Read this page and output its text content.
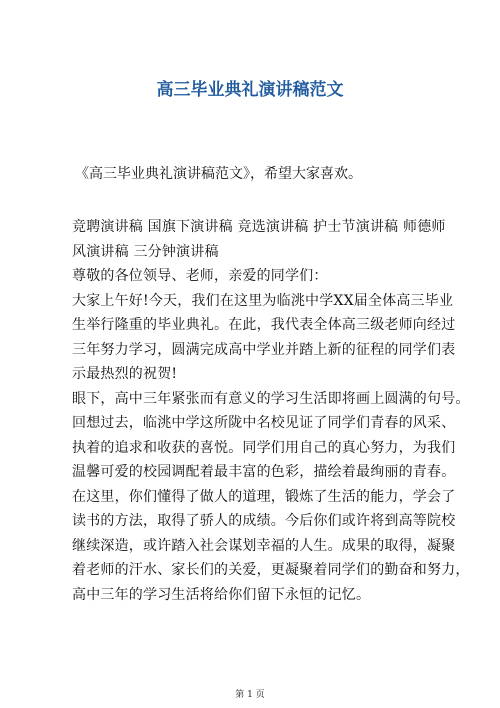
高三毕业典礼演讲稿范文
《高三毕业典礼演讲稿范文》，希望大家喜欢。
竞聘演讲稿 国旗下演讲稿 竞选演讲稿 护士节演讲稿 师德师
风演讲稿 三分钟演讲稿
尊敬的各位领导、老师，亲爱的同学们：
大家上午好!今天，我们在这里为临洮中学XX届全体高三毕业
生举行隆重的毕业典礼。在此，我代表全体高三级老师向经过
三年努力学习，圆满完成高中学业并踏上新的征程的同学们表
示最热烈的祝贺!
眼下，高中三年紧张而有意义的学习生活即将画上圆满的句号。
回想过去，临洮中学这所陇中名校见证了同学们青春的风采、
执着的追求和收获的喜悦。同学们用自己的真心努力，为我们
温馨可爱的校园调配着最丰富的色彩，描绘着最绚丽的青春。
在这里，你们懂得了做人的道理，锻炼了生活的能力，学会了
读书的方法，取得了骄人的成绩。今后你们或许将到高等院校
继续深造，或许踏入社会谋划幸福的人生。成果的取得，凝聚
着老师的汗水、家长们的关爱，更凝聚着同学们的勤奋和努力，
高中三年的学习生活将给你们留下永恒的记忆。
第 1 页
